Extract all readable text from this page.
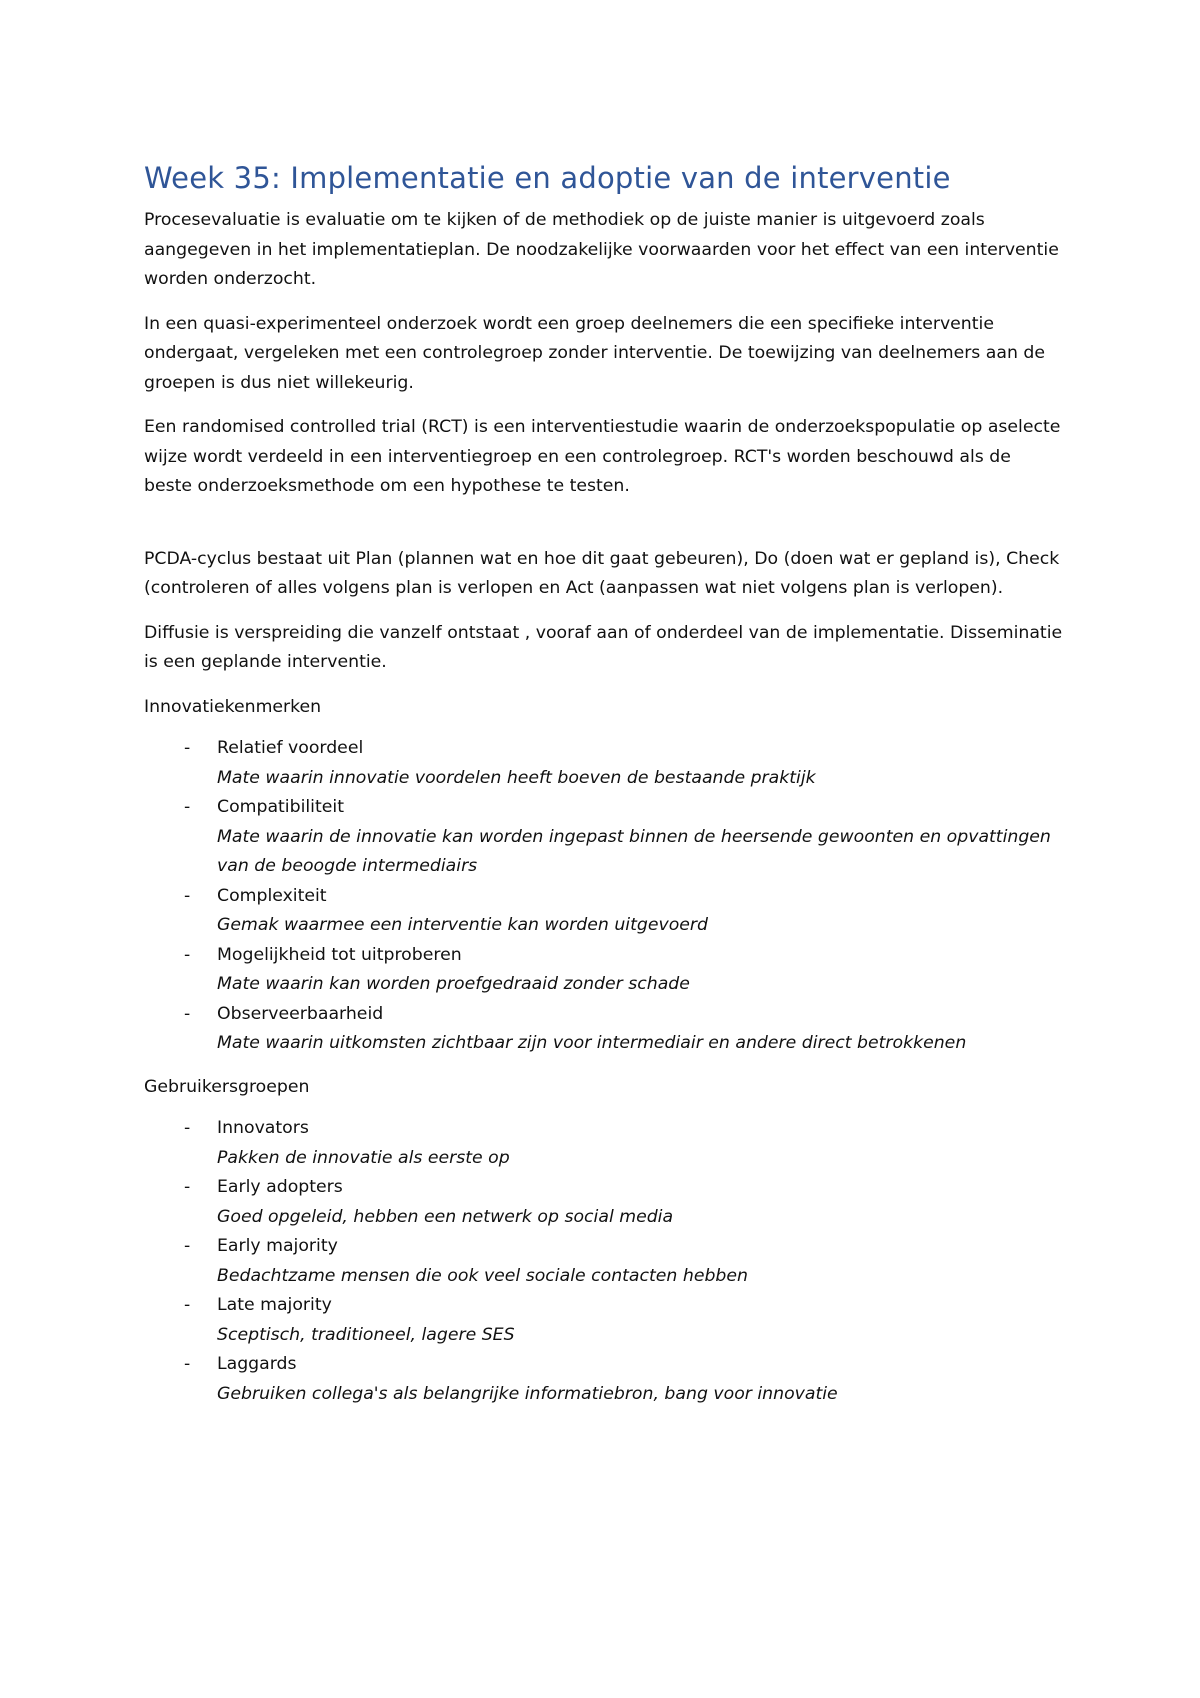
Week 35: Implementatie en adoptie van de interventie

Procesevaluatie is evaluatie om te kijken of de methodiek op de juiste manier is uitgevoerd zoals aangegeven in het implementatieplan. De noodzakelijke voorwaarden voor het effect van een interventie worden onderzocht.

In een quasi-experimenteel onderzoek wordt een groep deelnemers die een specifieke interventie ondergaat, vergeleken met een controlegroep zonder interventie. De toewijzing van deelnemers aan de groepen is dus niet willekeurig.

Een randomised controlled trial (RCT) is een interventiestudie waarin de onderzoekspopulatie op aselecte wijze wordt verdeeld in een interventiegroep en een controlegroep. RCT's worden beschouwd als de beste onderzoeksmethode om een hypothese te testen.

PCDA-cyclus bestaat uit Plan (plannen wat en hoe dit gaat gebeuren), Do (doen wat er gepland is), Check (controleren of alles volgens plan is verlopen en Act (aanpassen wat niet volgens plan is verlopen).

Diffusie is verspreiding die vanzelf ontstaat , vooraf aan of onderdeel van de implementatie. Disseminatie is een geplande interventie.

Innovatiekenmerken

- Relatief voordeel
Mate waarin innovatie voordelen heeft boeven de bestaande praktijk
- Compatibiliteit
Mate waarin de innovatie kan worden ingepast binnen de heersende gewoonten en opvattingen van de beoogde intermediairs
- Complexiteit
Gemak waarmee een interventie kan worden uitgevoerd
- Mogelijkheid tot uitproberen
Mate waarin kan worden proefgedraaid zonder schade
- Observeerbaarheid
Mate waarin uitkomsten zichtbaar zijn voor intermediair en andere direct betrokkenen

Gebruikersgroepen

- Innovators
Pakken de innovatie als eerste op
- Early adopters
Goed opgeleid, hebben een netwerk op social media
- Early majority
Bedachtzame mensen die ook veel sociale contacten hebben
- Late majority
Sceptisch, traditioneel, lagere SES
- Laggards
Gebruiken collega's als belangrijke informatiebron, bang voor innovatie
